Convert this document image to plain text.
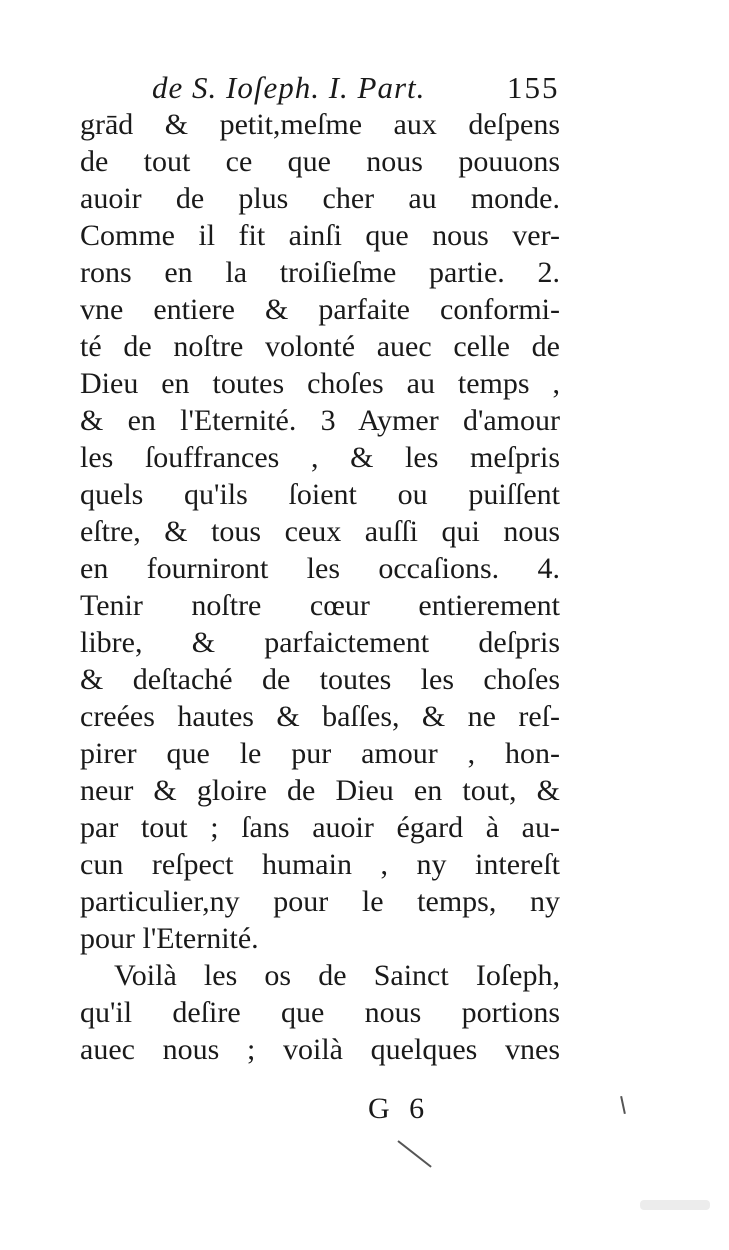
de S. Ioſeph. I. Part.	155
grād & petit,meſme aux deſpens
de tout ce que nous pouuons
auoir de plus cher au monde.
Comme il fit ainſi que nous ver-
rons en la troiſieſme partie. 2.
vne entiere & parfaite conformi-
té de noſtre volonté auec celle de
Dieu en toutes choſes au temps ,
& en l'Eternité. 3 Aymer d'amour
les ſouffrances , & les meſpris
quels qu'ils ſoient ou puiſſent
eſtre, & tous ceux auſſi qui nous
en fourniront les occaſions. 4.
Tenir noſtre cœur entierement
libre, & parfaictement deſpris
& deſtaché de toutes les choſes
creées hautes & baſſes, & ne reſ-
pirer que le pur amour , hon-
neur & gloire de Dieu en tout, &
par tout ; ſans auoir égard à au-
cun reſpect humain , ny intereſt
particulier,ny pour le temps, ny
pour l'Eternité.
Voilà les os de Sainct Ioſeph,
qu'il deſire que nous portions
auec nous ; voilà quelques vnes
G 6
